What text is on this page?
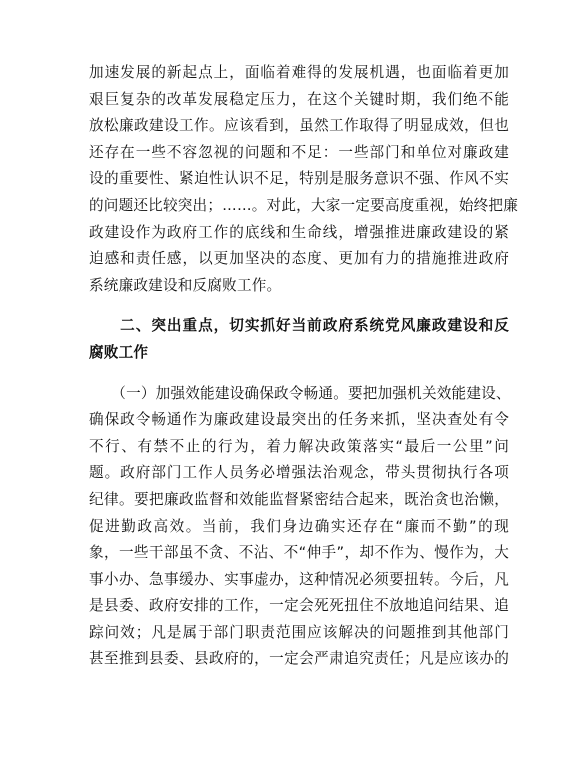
加速发展的新起点上，面临着难得的发展机遇，也面临着更加
艰巨复杂的改革发展稳定压力，在这个关键时期，我们绝不能
放松廉政建设工作。应该看到，虽然工作取得了明显成效，但也
还存在一些不容忽视的问题和不足：一些部门和单位对廉政建
设的重要性、紧迫性认识不足，特别是服务意识不强、作风不实
的问题还比较突出；……。对此，大家一定要高度重视，始终把廉
政建设作为政府工作的底线和生命线，增强推进廉政建设的紧
迫感和责任感，以更加坚决的态度、更加有力的措施推进政府
系统廉政建设和反腐败工作。
　　二、突出重点，切实抓好当前政府系统党风廉政建设和反
腐败工作
　　（一）加强效能建设确保政令畅通。要把加强机关效能建设、
确保政令畅通作为廉政建设最突出的任务来抓，坚决查处有令
不行、有禁不止的行为，着力解决政策落实“最后一公里”问
题。政府部门工作人员务必增强法治观念，带头贯彻执行各项
纪律。要把廉政监督和效能监督紧密结合起来，既治贪也治懒，
促进勤政高效。当前，我们身边确实还存在“廉而不勤”的现
象，一些干部虽不贪、不沾、不“伸手”，却不作为、慢作为，大
事小办、急事缓办、实事虚办，这种情况必须要扭转。今后，凡
是县委、政府安排的工作，一定会死死扭住不放地追问结果、追
踪问效；凡是属于部门职责范围应该解决的问题推到其他部门
甚至推到县委、县政府的，一定会严肃追究责任；凡是应该办的
